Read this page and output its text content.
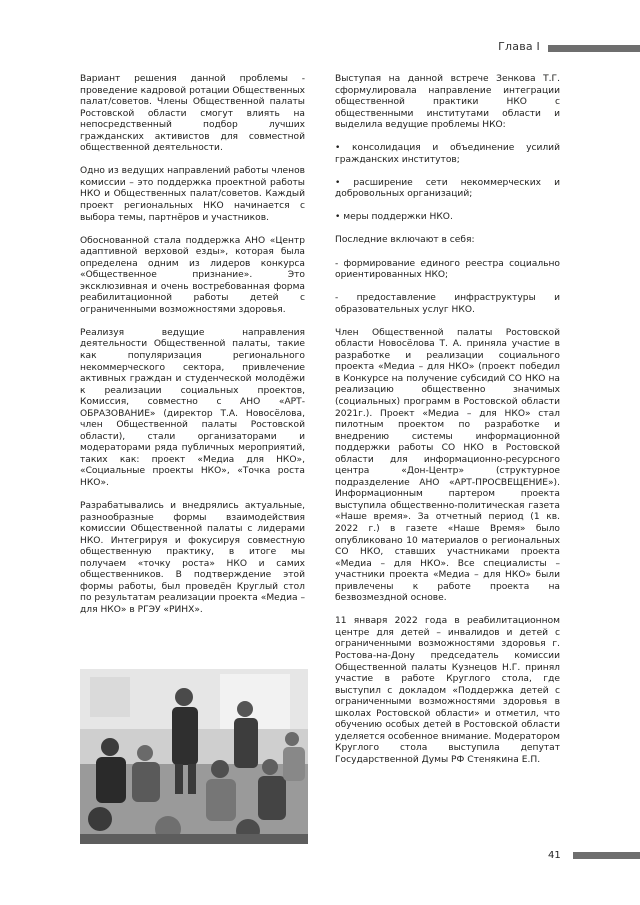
Глава I

Вариант решения данной проблемы - проведение кадровой ротации Общественных палат/советов. Члены Общественной палаты Ростовской области смогут влиять на непосредственный подбор лучших гражданских активистов для совместной общественной деятельности.

Одно из ведущих направлений работы членов комиссии – это поддержка проектной работы НКО и Общественных палат/советов. Каждый проект региональных НКО начинается с выбора темы, партнёров и участников.

Обоснованной стала поддержка АНО «Центр адаптивной верховой езды», которая была определена одним из лидеров конкурса «Общественное признание». Это эксклюзивная и очень востребованная форма реабилитационной работы детей с ограниченными возможностями здоровья.

Реализуя ведущие направления деятельности Общественной палаты, такие как популяризация регионального некоммерческого сектора, привлечение активных граждан и студенческой молодёжи к реализации социальных проектов, Комиссия, совместно с АНО «АРТ-ОБРАЗОВАНИЕ» (директор Т.А. Новосёлова, член Общественной палаты Ростовской области), стали организаторами и модераторами ряда публичных мероприятий, таких как: проект «Медиа для НКО», «Социальные проекты НКО», «Точка роста НКО».

Разрабатывались и внедрялись актуальные, разнообразные формы взаимодействия комиссии Общественной палаты с лидерами НКО. Интегрируя и фокусируя совместную общественную практику, в итоге мы получаем «точку роста» НКО и самих общественников. В подтверждение этой формы работы, был проведён Круглый стол по результатам реализации проекта «Медиа – для НКО» в РГЭУ «РИНХ».

Выступая на данной встрече Зенкова Т.Г. сформулировала направление интеграции общественной практики НКО с общественными институтами области и выделила ведущие проблемы НКО:

• консолидация и объединение усилий гражданских институтов;

• расширение сети некоммерческих и добровольных организаций;

• меры поддержки НКО.

Последние включают в себя:

- формирование единого реестра социально ориентированных НКО;

- предоставление инфраструктуры и образовательных услуг НКО.

Член Общественной палаты Ростовской области Новосёлова Т. А. приняла участие в разработке и реализации социального проекта «Медиа – для НКО» (проект победил в Конкурсе на получение субсидий СО НКО на реализацию общественно значимых (социальных) программ в Ростовской области 2021г.). Проект «Медиа – для НКО» стал пилотным проектом по разработке и внедрению системы информационной поддержки работы СО НКО в Ростовской области для информационно-ресурсного центра «Дон-Центр» (структурное подразделение АНО «АРТ-ПРОСВЕЩЕНИЕ»). Информационным партером проекта выступила общественно-политическая газета «Наше время». За отчетный период (1 кв. 2022 г.) в газете «Наше Время» было опубликовано 10 материалов о региональных СО НКО, ставших участниками проекта «Медиа – для НКО». Все специалисты – участники проекта «Медиа – для НКО» были привлечены к работе проекта на безвозмездной основе.

11 января 2022 года в реабилитационном центре для детей – инвалидов и детей с ограниченными возможностями здоровья г. Ростова-на-Дону председатель комиссии Общественной палаты Кузнецов Н.Г. принял участие в работе Круглого стола, где выступил с докладом «Поддержка детей с ограниченными возможностями здоровья в школах Ростовской области» и отметил, что обучению особых детей в Ростовской области уделяется особенное внимание. Модератором Круглого стола выступила депутат Государственной Думы РФ Стенякина Е.П.

41
